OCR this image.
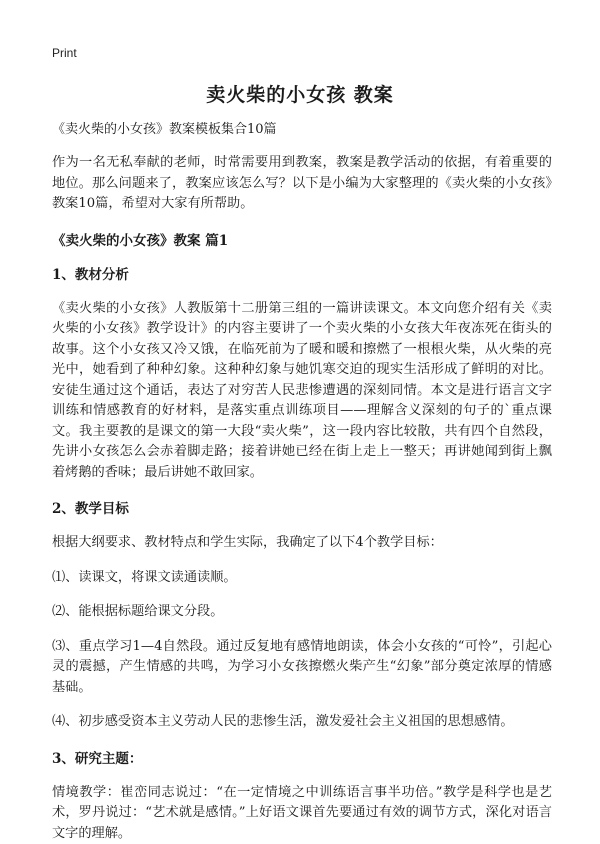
Print
卖火柴的小女孩 教案

《卖火柴的小女孩》教案模板集合10篇

作为一名无私奉献的老师，时常需要用到教案，教案是教学活动的依据，有着重要的地位。那么问题来了，教案应该怎么写？以下是小编为大家整理的《卖火柴的小女孩》教案10篇，希望对大家有所帮助。

《卖火柴的小女孩》教案 篇1
1、教材分析

《卖火柴的小女孩》人教版第十二册第三组的一篇讲读课文。本文向您介绍有关《卖火柴的小女孩》教学设计》的内容主要讲了一个卖火柴的小女孩大年夜冻死在街头的故事。这个小女孩又冷又饿，在临死前为了暖和暖和擦燃了一根根火柴，从火柴的亮光中，她看到了种种幻象。这种种幻象与她饥寒交迫的现实生活形成了鲜明的对比。安徒生通过这个通话，表达了对穷苦人民悲惨遭遇的深刻同情。本文是进行语言文字训练和情感教育的好材料，是落实重点训练项目——理解含义深刻的句子的`重点课文。我主要教的是课文的第一大段“卖火柴”，这一段内容比较散，共有四个自然段，先讲小女孩怎么会赤着脚走路；接着讲她已经在街上走上一整天；再讲她闻到街上飘着烤鹅的香味；最后讲她不敢回家。

2、教学目标

根据大纲要求、教材特点和学生实际，我确定了以下4个教学目标：

⑴、读课文，将课文读通读顺。

⑵、能根据标题给课文分段。

⑶、重点学习1—4自然段。通过反复地有感情地朗读，体会小女孩的“可怜”，引起心灵的震撼，产生情感的共鸣，为学习小女孩擦燃火柴产生“幻象”部分奠定浓厚的情感基础。

⑷、初步感受资本主义劳动人民的悲惨生活，激发爱社会主义祖国的思想感情。

3、研究主题：

情境教学：崔峦同志说过：“在一定情境之中训练语言事半功倍。”教学是科学也是艺术，罗丹说过：“艺术就是感情。”上好语文课首先要通过有效的调节方式，深化对语言文字的理解。
